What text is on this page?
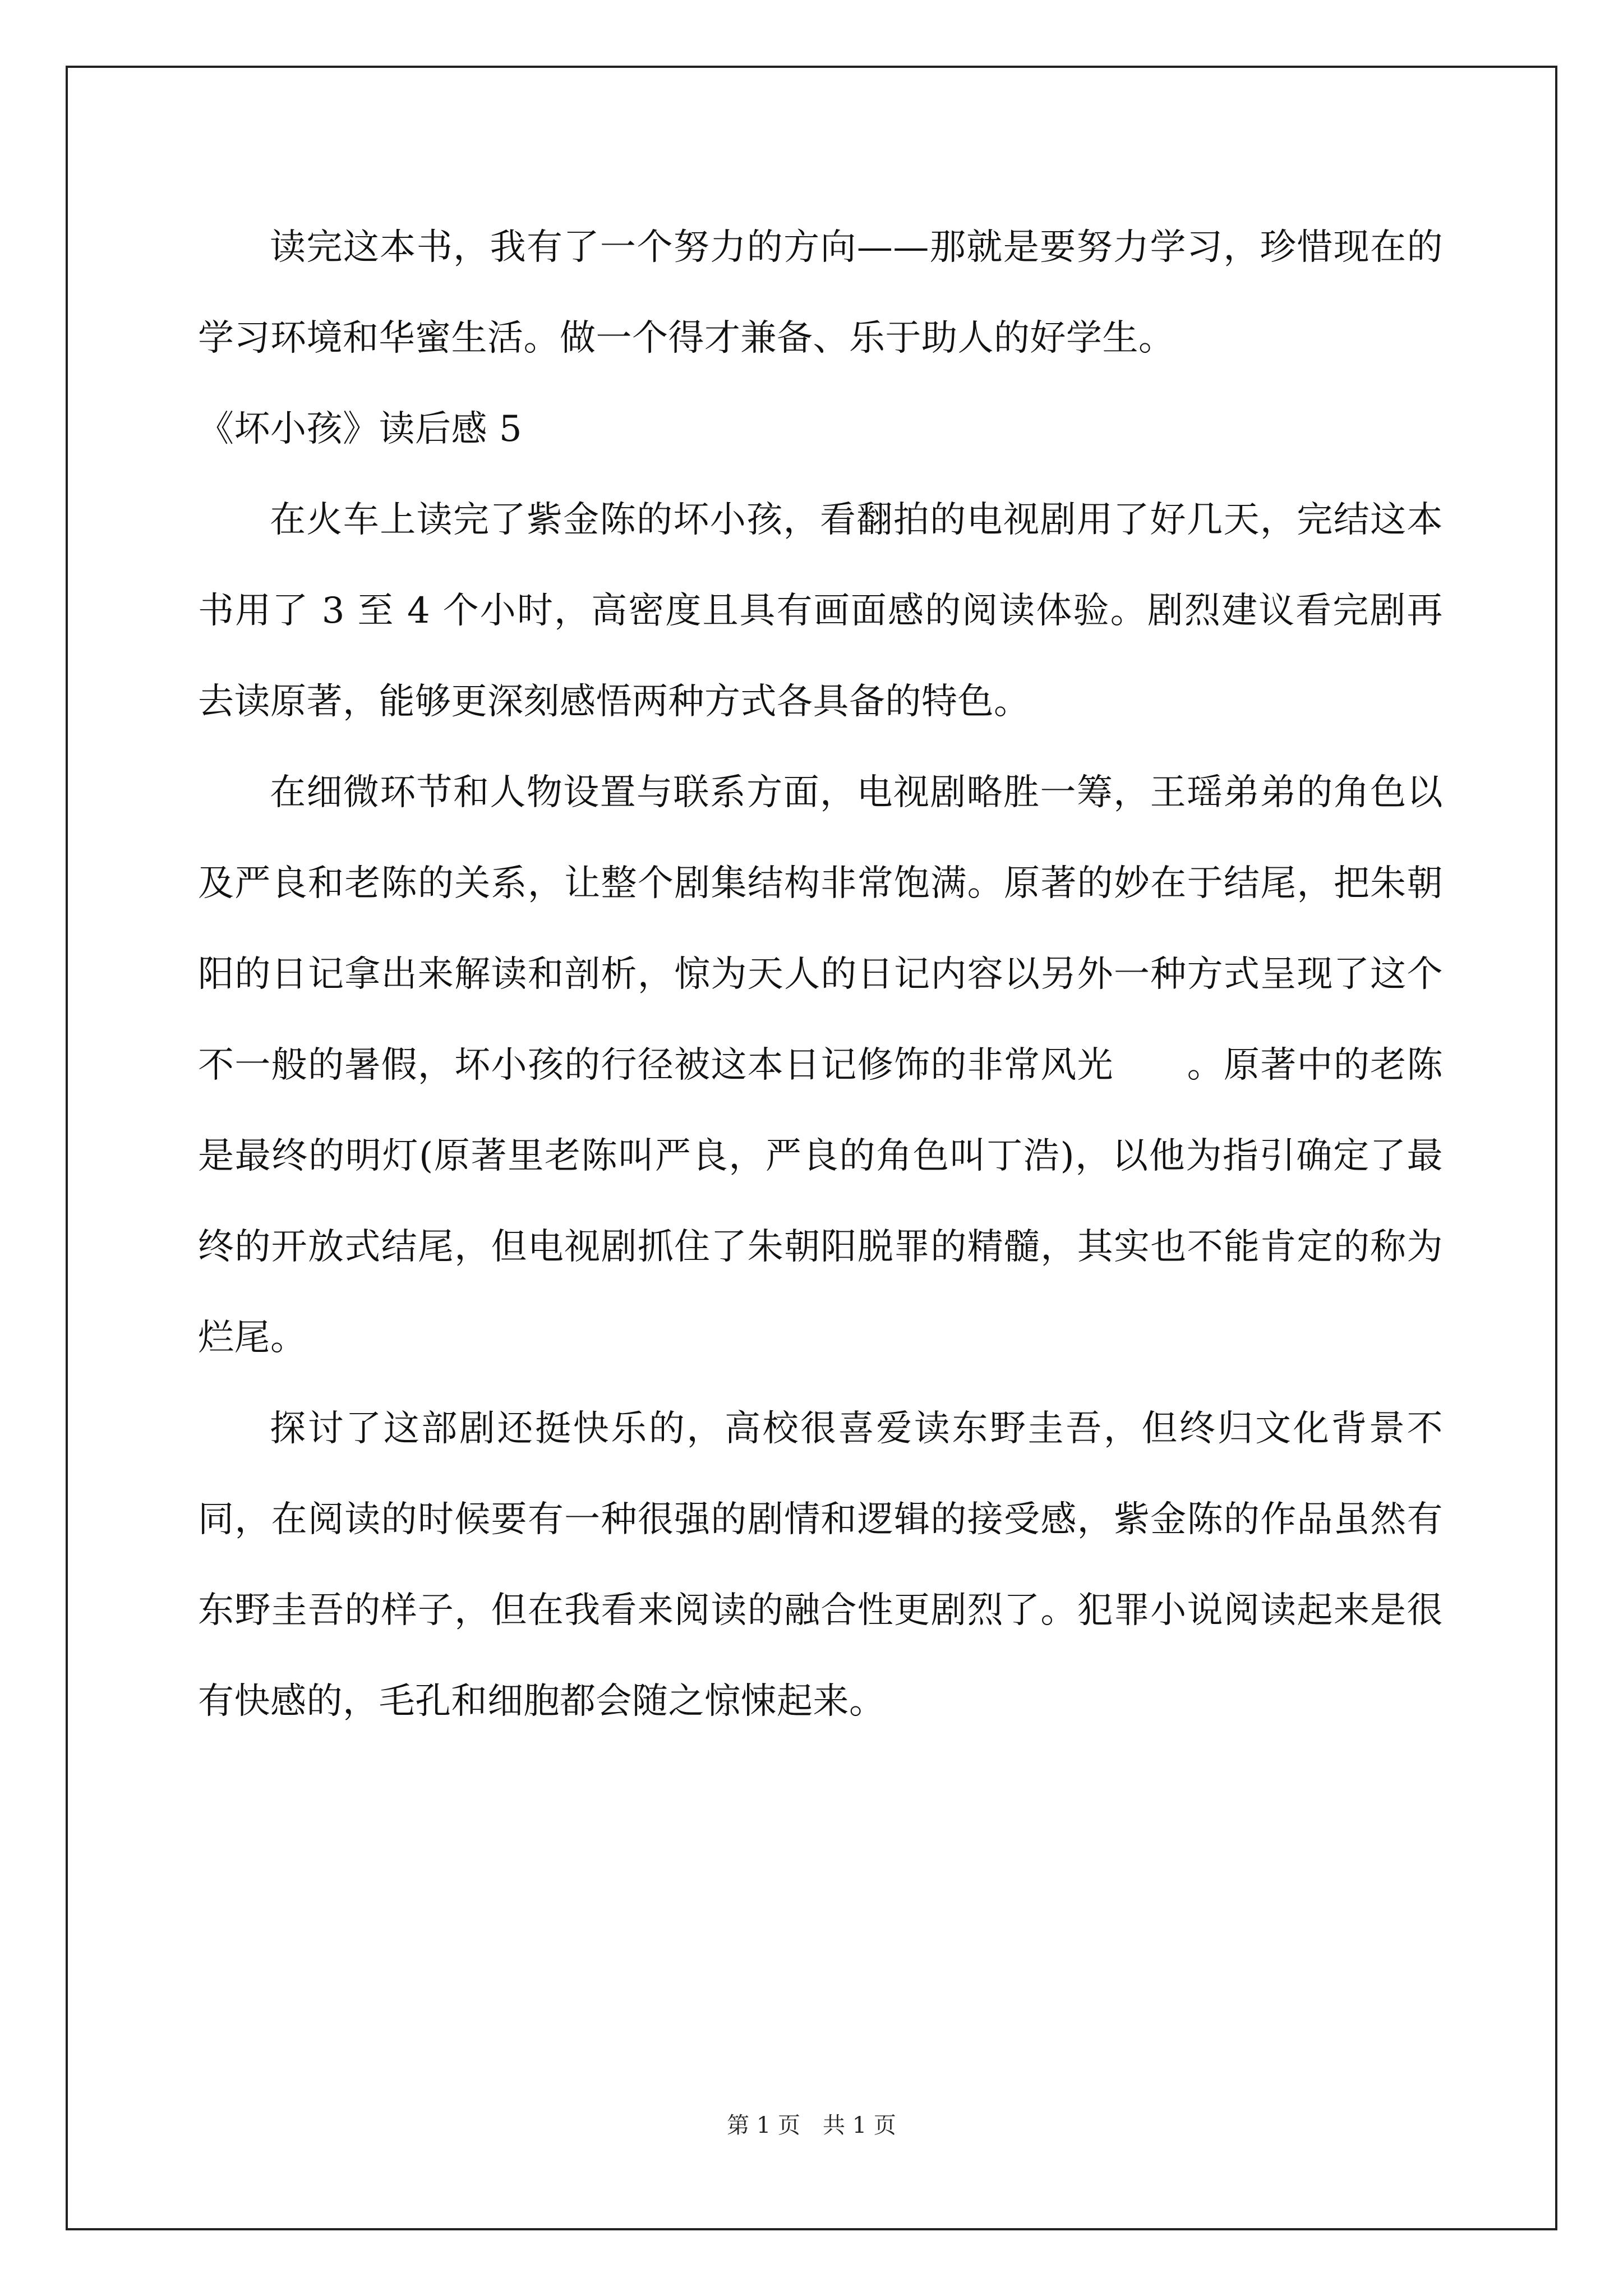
读完这本书，我有了一个努力的方向——那就是要努力学习，珍惜现在的学习环境和华蜜生活。做一个得才兼备、乐于助人的好学生。

《坏小孩》读后感 5

在火车上读完了紫金陈的坏小孩，看翻拍的电视剧用了好几天，完结这本书用了 3 至 4 个小时，高密度且具有画面感的阅读体验。剧烈建议看完剧再去读原著，能够更深刻感悟两种方式各具备的特色。

在细微环节和人物设置与联系方面，电视剧略胜一筹，王瑶弟弟的角色以及严良和老陈的关系，让整个剧集结构非常饱满。原著的妙在于结尾，把朱朝阳的日记拿出来解读和剖析，惊为天人的日记内容以另外一种方式呈现了这个不一般的暑假，坏小孩的行径被这本日记修饰的非常风光　　。原著中的老陈是最终的明灯(原著里老陈叫严良，严良的角色叫丁浩)，以他为指引确定了最终的开放式结尾，但电视剧抓住了朱朝阳脱罪的精髓，其实也不能肯定的称为烂尾。

探讨了这部剧还挺快乐的，高校很喜爱读东野圭吾，但终归文化背景不同，在阅读的时候要有一种很强的剧情和逻辑的接受感，紫金陈的作品虽然有东野圭吾的样子，但在我看来阅读的融合性更剧烈了。犯罪小说阅读起来是很有快感的，毛孔和细胞都会随之惊悚起来。

第 1 页　共 1 页
